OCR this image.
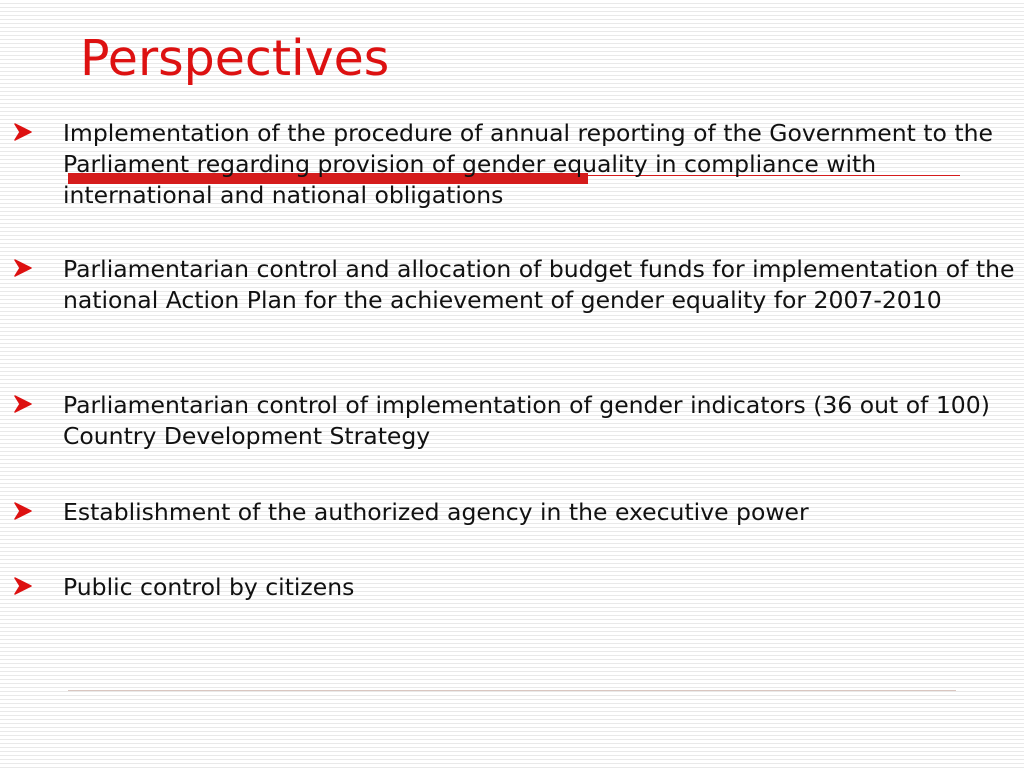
Perspectives

Implementation of the procedure of annual reporting of the Government to the Parliament regarding provision of gender equality in compliance with international and national obligations

Parliamentarian control and allocation of budget funds for implementation of the national Action Plan for the achievement of gender equality for 2007-2010

Parliamentarian control of implementation of gender indicators (36 out of 100) Country Development Strategy

Establishment of the authorized agency in the executive power

Public control by citizens
